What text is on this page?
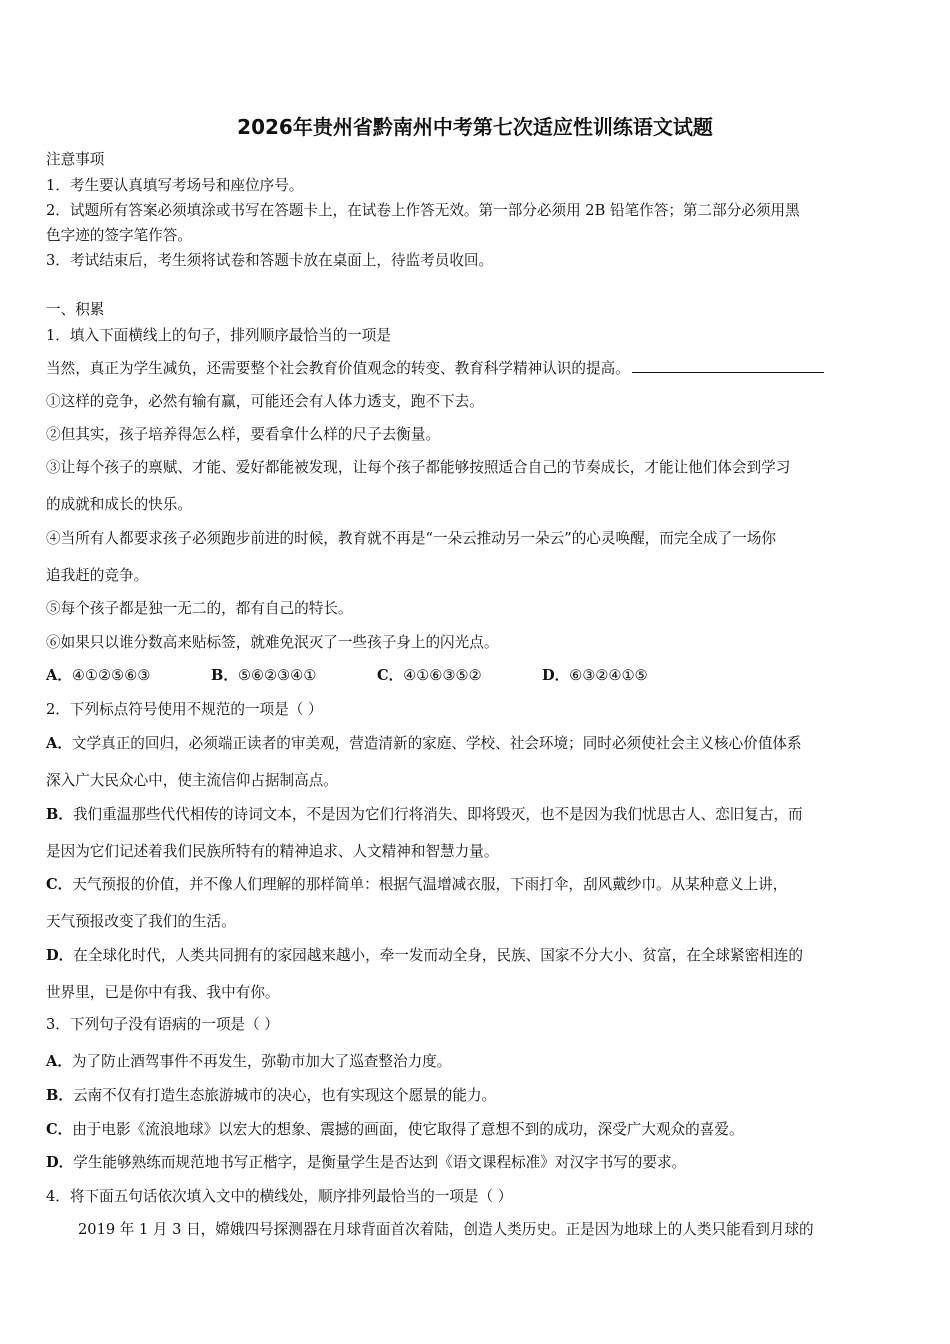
2026年贵州省黔南州中考第七次适应性训练语文试题
注意事项
1．考生要认真填写考场号和座位序号。
2．试题所有答案必须填涂或书写在答题卡上，在试卷上作答无效。第一部分必须用 2B 铅笔作答；第二部分必须用黑
色字迹的签字笔作答。
3．考试结束后，考生须将试卷和答题卡放在桌面上，待监考员收回。
一、积累
1．填入下面横线上的句子，排列顺序最恰当的一项是
当然，真正为学生减负，还需要整个社会教育价值观念的转变、教育科学精神认识的提高。
①这样的竞争，必然有输有赢，可能还会有人体力透支，跑不下去。
②但其实，孩子培养得怎么样，要看拿什么样的尺子去衡量。
③让每个孩子的禀赋、才能、爱好都能被发现，让每个孩子都能够按照适合自己的节奏成长，才能让他们体会到学习
的成就和成长的快乐。
④当所有人都要求孩子必须跑步前进的时候，教育就不再是“一朵云推动另一朵云”的心灵唤醒，而完全成了一场你
追我赶的竞争。
⑤每个孩子都是独一无二的，都有自己的特长。
⑥如果只以谁分数高来贴标签，就难免泯灭了一些孩子身上的闪光点。
A．④①②⑤⑥③	B．⑤⑥②③④①	C．④①⑥③⑤②	D．⑥③②④①⑤
2．下列标点符号使用不规范的一项是（ ）
A．文学真正的回归，必须端正读者的审美观，营造清新的家庭、学校、社会环境；同时必须使社会主义核心价值体系
深入广大民众心中，使主流信仰占据制高点。
B．我们重温那些代代相传的诗词文本，不是因为它们行将消失、即将毁灭，也不是因为我们忧思古人、恋旧复古，而
是因为它们记述着我们民族所特有的精神追求、人文精神和智慧力量。
C．天气预报的价值，并不像人们理解的那样简单：根据气温增减衣服，下雨打伞，刮风戴纱巾。从某种意义上讲，
天气预报改变了我们的生活。
D．在全球化时代，人类共同拥有的家园越来越小，牵一发而动全身，民族、国家不分大小、贫富，在全球紧密相连的
世界里，已是你中有我、我中有你。
3．下列句子没有语病的一项是（ ）
A．为了防止酒驾事件不再发生，弥勒市加大了巡查整治力度。
B．云南不仅有打造生态旅游城市的决心，也有实现这个愿景的能力。
C．由于电影《流浪地球》以宏大的想象、震撼的画面，使它取得了意想不到的成功，深受广大观众的喜爱。
D．学生能够熟练而规范地书写正楷字，是衡量学生是否达到《语文课程标准》对汉字书写的要求。
4．将下面五句话依次填入文中的横线处，顺序排列最恰当的一项是（ ）
2019 年 1 月 3 日，嫦娥四号探测器在月球背面首次着陆，创造人类历史。正是因为地球上的人类只能看到月球的
